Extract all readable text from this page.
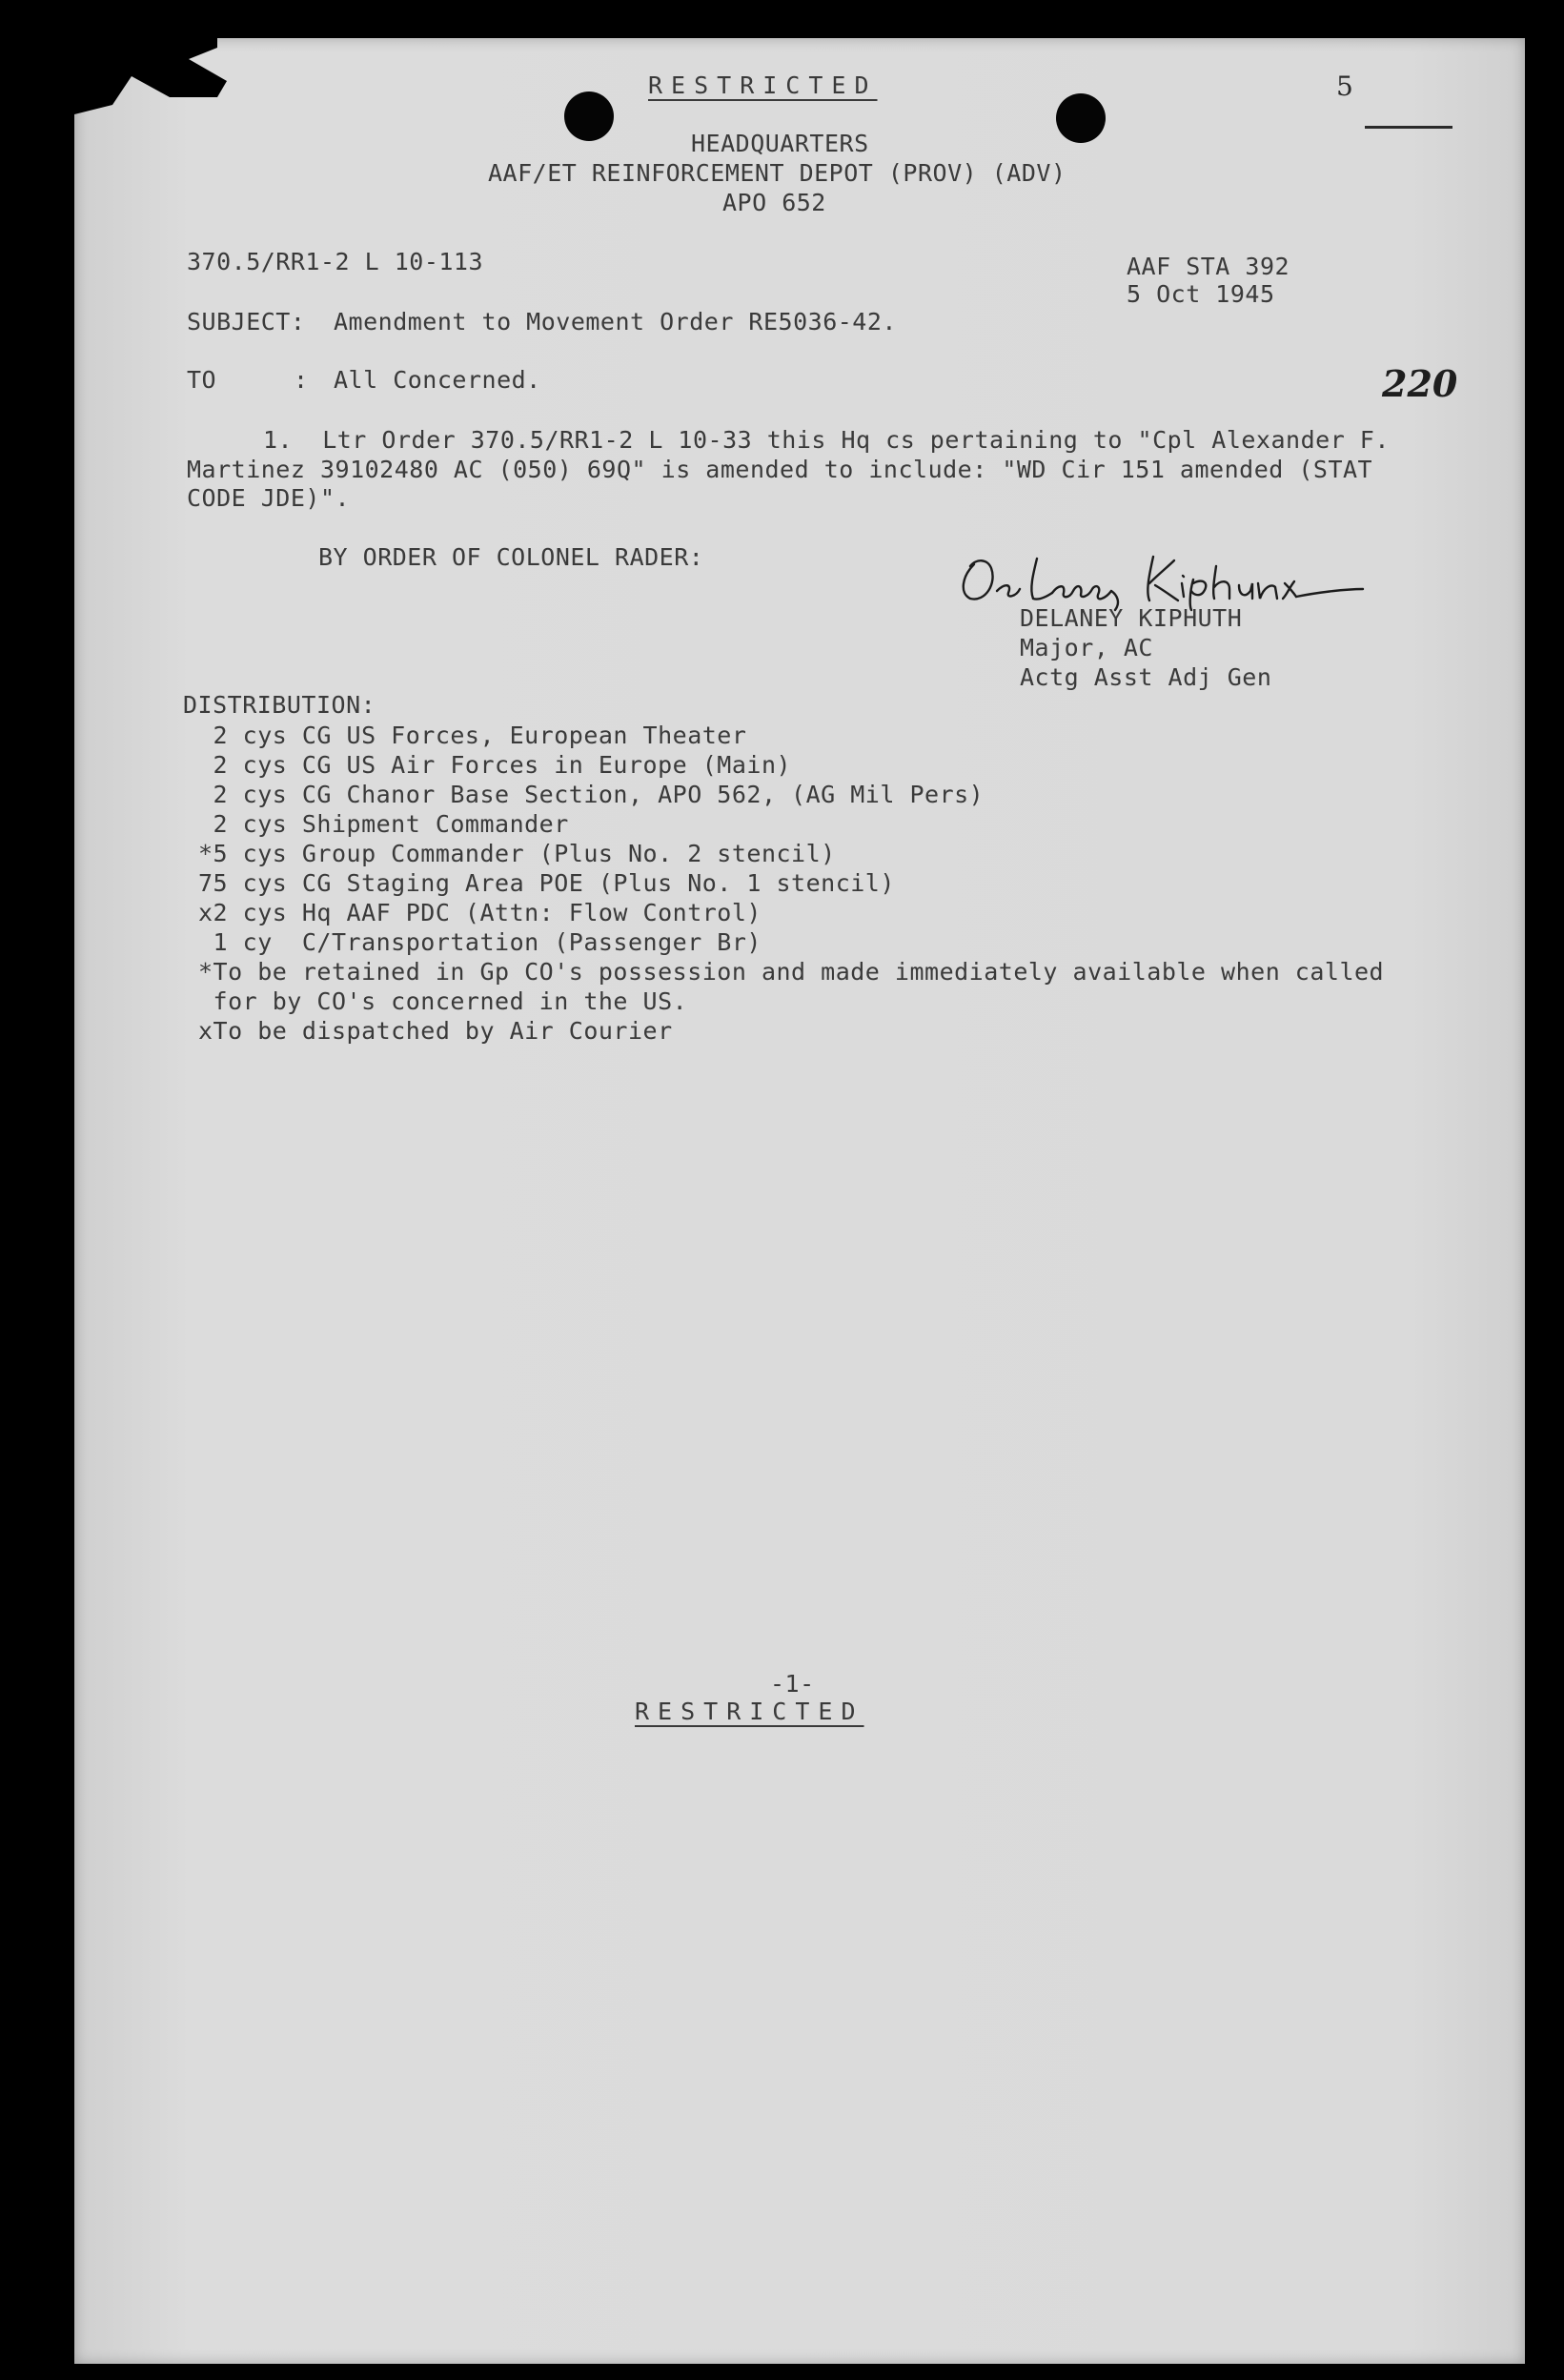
RESTRICTED	5
HEADQUARTERS
AAF/ET REINFORCEMENT DEPOT (PROV) (ADV)
APO 652
370.5/RR1-2 L 10-113	AAF STA 392
5 Oct 1945
SUBJECT: Amendment to Movement Order RE5036-42.
TO	: All Concerned.	220
1.  Ltr Order 370.5/RR1-2 L 10-33 this Hq cs pertaining to "Cpl Alexander F.
Martinez 39102480 AC (050) 69Q" is amended to include: "WD Cir 151 amended (STAT
CODE JDE)".
BY ORDER OF COLONEL RADER:
DELANEY KIPHUTH
Major, AC
Actg Asst Adj Gen
DISTRIBUTION:
2 cys CG US Forces, European Theater
2 cys CG US Air Forces in Europe (Main)
2 cys CG Chanor Base Section, APO 562, (AG Mil Pers)
2 cys Shipment Commander
*5 cys Group Commander (Plus No. 2 stencil)
75 cys CG Staging Area POE (Plus No. 1 stencil)
x2 cys Hq AAF PDC (Attn: Flow Control)
1 cy  C/Transportation (Passenger Br)
*To be retained in Gp CO's possession and made immediately available when called
for by CO's concerned in the US.
xTo be dispatched by Air Courier
-1-
RESTRICTED
